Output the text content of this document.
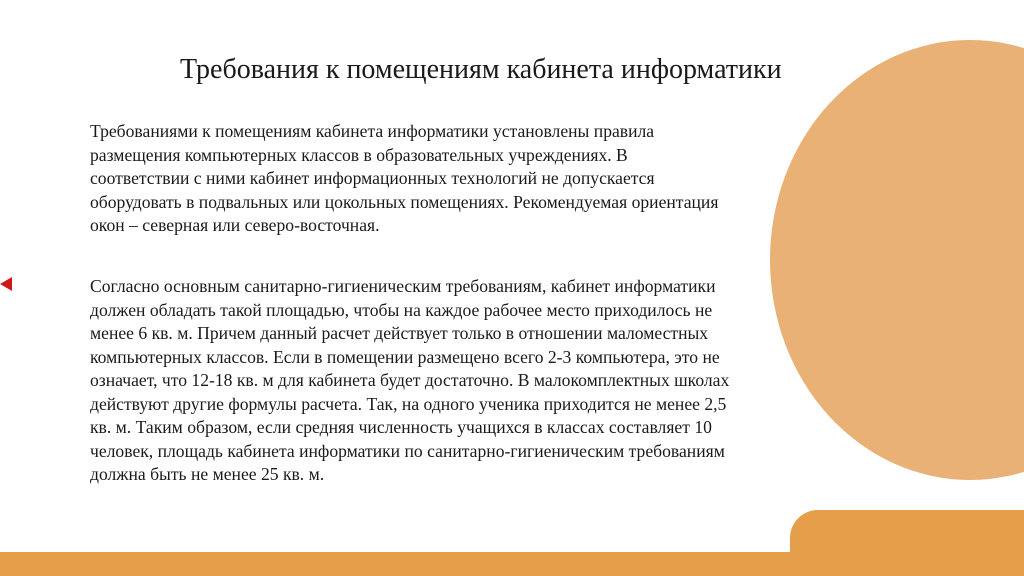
Требования к помещениям кабинета информатики

Требованиями к помещениям кабинета информатики установлены правила размещения компьютерных классов в образовательных учреждениях. В соответствии с ними кабинет информационных технологий не допускается оборудовать в подвальных или цокольных помещениях. Рекомендуемая ориентация окон – северная или северо-восточная.

Согласно основным санитарно-гигиеническим требованиям, кабинет информатики должен обладать такой площадью, чтобы на каждое рабочее место приходилось не менее 6 кв. м. Причем данный расчет действует только в отношении маломестных компьютерных классов. Если в помещении размещено всего 2-3 компьютера, это не означает, что 12-18 кв. м для кабинета будет достаточно. В малокомплектных школах действуют другие формулы расчета. Так, на одного ученика приходится не менее 2,5 кв. м. Таким образом, если средняя численность учащихся в классах составляет 10 человек, площадь кабинета информатики по санитарно-гигиеническим требованиям должна быть не менее 25 кв. м.
